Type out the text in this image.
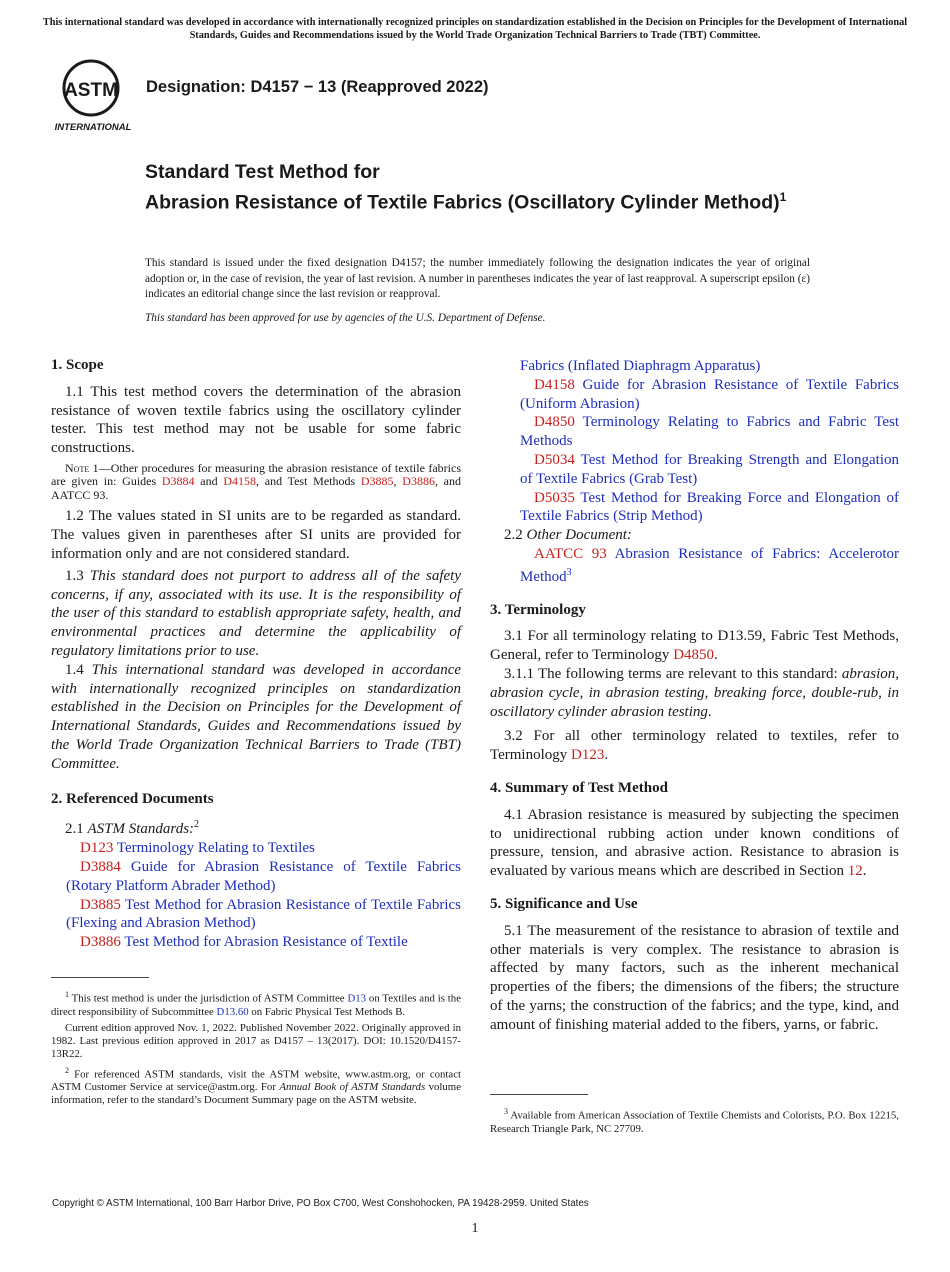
This international standard was developed in accordance with internationally recognized principles on standardization established in the Decision on Principles for the Development of International Standards, Guides and Recommendations issued by the World Trade Organization Technical Barriers to Trade (TBT) Committee.
ASTM
INTERNATIONAL
Designation: D4157 − 13 (Reapproved 2022)
Standard Test Method for
Abrasion Resistance of Textile Fabrics (Oscillatory Cylinder Method)$^1$
This standard is issued under the fixed designation D4157; the number immediately following the designation indicates the year of original adoption or, in the case of revision, the year of last revision. A number in parentheses indicates the year of last reapproval. A superscript epsilon (ε) indicates an editorial change since the last revision or reapproval.
This standard has been approved for use by agencies of the U.S. Department of Defense.
1. Scope

1.1 This test method covers the determination of the abrasion resistance of woven textile fabrics using the oscillatory cylinder tester. This test method may not be usable for some fabric constructions.

Note 1—Other procedures for measuring the abrasion resistance of textile fabrics are given in: Guides D3884 and D4158, and Test Methods D3885, D3886, and AATCC 93.

1.2 The values stated in SI units are to be regarded as standard. The values given in parentheses after SI units are provided for information only and are not considered standard.

1.3 This standard does not purport to address all of the safety concerns, if any, associated with its use. It is the responsibility of the user of this standard to establish appropriate safety, health, and environmental practices and determine the applicability of regulatory limitations prior to use.

1.4 This international standard was developed in accordance with internationally recognized principles on standardization established in the Decision on Principles for the Development of International Standards, Guides and Recommendations issued by the World Trade Organization Technical Barriers to Trade (TBT) Committee.

2. Referenced Documents

2.1 ASTM Standards:$^2$

D123 Terminology Relating to Textiles

D3884 Guide for Abrasion Resistance of Textile Fabrics (Rotary Platform Abrader Method)

D3885 Test Method for Abrasion Resistance of Textile Fabrics (Flexing and Abrasion Method)

D3886 Test Method for Abrasion Resistance of Textile

$^1$ This test method is under the jurisdiction of ASTM Committee D13 on Textiles and is the direct responsibility of Subcommittee D13.60 on Fabric Physical Test Methods B.

Current edition approved Nov. 1, 2022. Published November 2022. Originally approved in 1982. Last previous edition approved in 2017 as D4157 – 13(2017). DOI: 10.1520/D4157-13R22.

$^2$ For referenced ASTM standards, visit the ASTM website, www.astm.org, or contact ASTM Customer Service at service@astm.org. For Annual Book of ASTM Standards volume information, refer to the standard’s Document Summary page on the ASTM website.

Fabrics (Inflated Diaphragm Apparatus)

D4158 Guide for Abrasion Resistance of Textile Fabrics (Uniform Abrasion)

D4850 Terminology Relating to Fabrics and Fabric Test Methods

D5034 Test Method for Breaking Strength and Elongation of Textile Fabrics (Grab Test)

D5035 Test Method for Breaking Force and Elongation of Textile Fabrics (Strip Method)

2.2 Other Document:

AATCC 93 Abrasion Resistance of Fabrics: Accelerotor Method$^3$

3. Terminology

3.1 For all terminology relating to D13.59, Fabric Test Methods, General, refer to Terminology D4850.

3.1.1 The following terms are relevant to this standard: abrasion, abrasion cycle, in abrasion testing, breaking force, double-rub, in oscillatory cylinder abrasion testing.

3.2 For all other terminology related to textiles, refer to Terminology D123.

4. Summary of Test Method

4.1 Abrasion resistance is measured by subjecting the specimen to unidirectional rubbing action under known conditions of pressure, tension, and abrasive action. Resistance to abrasion is evaluated by various means which are described in Section 12.

5. Significance and Use

5.1 The measurement of the resistance to abrasion of textile and other materials is very complex. The resistance to abrasion is affected by many factors, such as the inherent mechanical properties of the fibers; the dimensions of the fibers; the structure of the yarns; the construction of the fabrics; and the type, kind, and amount of finishing material added to the fibers, yarns, or fabric.

$^3$ Available from American Association of Textile Chemists and Colorists, P.O. Box 12215, Research Triangle Park, NC 27709.

Copyright © ASTM International, 100 Barr Harbor Drive, PO Box C700, West Conshohocken, PA 19428-2959. United States
1
